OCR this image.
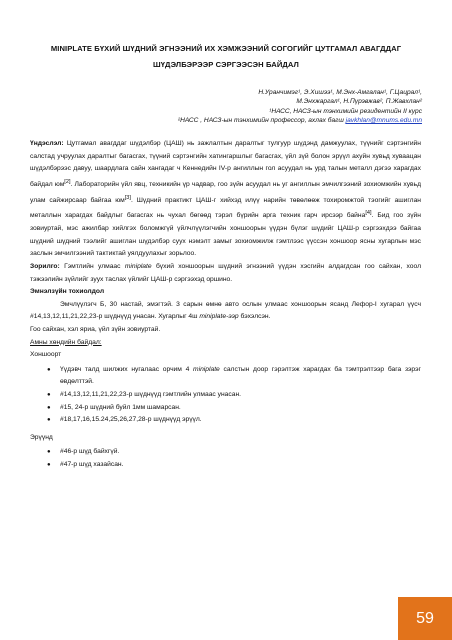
MINIPLATE БҮХИЙ ШҮДНИЙ ЭГНЭЭНИЙ ИХ ХЭМЖЭЭНИЙ СОГОГИЙГ ЦУТГАМАЛ АВАГДДАГ
ШҮДЭЛБЭРЭЭР СЭРГЭЭСЭН БАЙДАЛ
Н.Уранчимэг¹, Э.Хишээ¹, М.Энх-Амгалан¹, Г.Цацрал¹,
М.Энхжаргал¹, Н.Пүрэвжав², П.Жавхлан²
¹НАСС, НАСЗ-ын тэнхимийн резидентийн II курс
²НАСС , НАСЗ-ын тэнхимийн профессор, ахлах багш javkhlan@mnums.edu.mn

Үндэслэл: Цутгамал авагддаг шүдэлбэр (ЦАШ) нь зажлалтын даралтыг тулгуур шүдэнд дамжуулах, түүнийг сэртэнгийн салстад учруулах даралтыг багасгах, түүний сэртэнгийн хатингаршлыг багасгах, үйл зүй болон эрүүл ахуйн хувьд хуваацан шүдэлбэрээс давуу, шаардлага сайн хангадаг ч Кеннедийн IV-р ангиллын гол асуудал нь урд талын металл дэгээ харагдах байдал юм[2]. Лабораторийн үйл явц, техникийн үр чадвар, гоо зүйн асуудал нь уг ангиллын эмчилгээний зохиомжийн хувьд улам сайжирсаар байгаа юм[3]. Шүдний практикт ЦАШ-г хийхэд илүү нарийн төвөлөөж тохиромжтой тэогийг ашиглан металлын харагдах байдлыг багасгах нь чухал бөгөөд тэрэл бүрийн арга техник гарч ирсээр байна[4]. Бид гоо зүйн зовиуртай, мэс ажилбар хийлгэх боломжгүй үйлчлүүлэгчийн хоншоорын үүдэн бүлэг шүдийг ЦАШ-р сэргээхдээ байгаа шүдний шүдний тээлийг ашиглан шүдэлбэр суух нэмэлт замыг зохиомжилж гэмтлээс үүссэн хоншоор ясны хугарлын мэс заслын эмчилгээний тактиктай уялдуулахыг зорьлоо.

Зорилго: Гэмтлийн улмаас miniplate бүхий хоншоорын шүдний эгнээний үүдэн хэсгийн алдагдсан гоо сайхан, хоол тэжээлийн зүйлийг зууx таслах үйлийг ЦАШ-р сэргээхэд оршино.

Эмнэлзүйн тохиолдол

Эмчлүүлэгч Б, 30 настай, эмэгтэй. 3 сарын өмнө авто ослын улмаас хоншоорын ясанд Лефор-I хугарал үүсч #14,13,12,11,21,22,23-р шүднүүд унасан. Хугарлыг 4ш miniplate-ээр бэхэлсэн.

Гоо сайхан, хэл яриа, үйл зүйн зовиуртай.

Амны хөндийн байдал:

Хоншоорт

● Үүдэвч талд шилжих нугалаас орчим 4 miniplate салстын доор гэрэлтэж харагдах ба тэмтрэлтээр бага зэрэг өвдөлттэй.
● #14,13,12,11,21,22,23-р шүднүүд гэмтлийн улмаас унасан.
● #15, 24-р шүдний буйл 1мм шамарсан.
● #18,17,16,15.24,25,26,27,28-р шүднүүд эрүүл.

Эрүүнд

● #46-р шүд байхгүй.
● #47-р шүд хазайсан.
59
